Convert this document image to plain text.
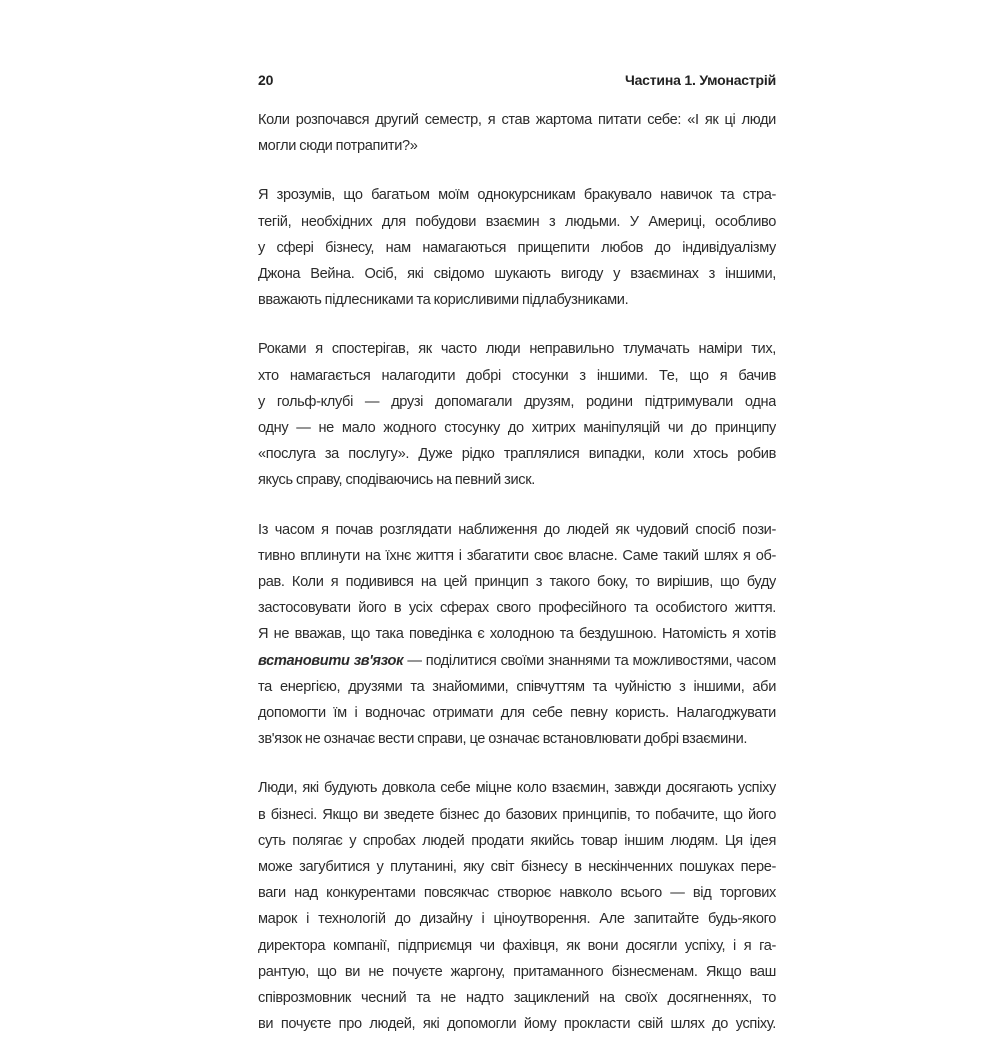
20	Частина 1. Умонастрій
Коли розпочався другий семестр, я став жартома питати себе: «І як ці люди
могли сюди потрапити?»
Я зрозумів, що багатьом моїм однокурсникам бракувало навичок та стра-
тегій, необхідних для побудови взаємин з людьми. У Америці, особливо
у сфері бізнесу, нам намагаються прищепити любов до індивідуалізму
Джона Вейна. Осіб, які свідомо шукають вигоду у взаєминах з іншими,
вважають підлесниками та корисливими підлабузниками.
Роками я спостерігав, як часто люди неправильно тлумачать наміри тих,
хто намагається налагодити добрі стосунки з іншими. Те, що я бачив
у гольф-клубі — друзі допомагали друзям, родини підтримували одна
одну — не мало жодного стосунку до хитрих маніпуляцій чи до принципу
«послуга за послугу». Дуже рідко траплялися випадки, коли хтось робив
якусь справу, сподіваючись на певний зиск.
Із часом я почав розглядати наближення до людей як чудовий спосіб пози-
тивно вплинути на їхнє життя і збагатити своє власне. Саме такий шлях я об-
рав. Коли я подивився на цей принцип з такого боку, то вирішив, що буду
застосовувати його в усіх сферах свого професійного та особистого життя.
Я не вважав, що така поведінка є холодною та бездушною. Натомість я хотів
встановити зв'язок — поділитися своїми знаннями та можливостями, часом
та енергією, друзями та знайомими, співчуттям та чуйністю з іншими, аби
допомогти їм і водночас отримати для себе певну користь. Налагоджувати
зв'язок не означає вести справи, це означає встановлювати добрі взаємини.
Люди, які будують довкола себе міцне коло взаємин, завжди досягають успіху
в бізнесі. Якщо ви зведете бізнес до базових принципів, то побачите, що його
суть полягає у спробах людей продати якийсь товар іншим людям. Ця ідея
може загубитися у плутанині, яку світ бізнесу в нескінченних пошуках пере-
ваги над конкурентами повсякчас створює навколо всього — від торгових
марок і технологій до дизайну і ціноутворення. Але запитайте будь-якого
директора компанії, підприємця чи фахівця, як вони досягли успіху, і я га-
рантую, що ви не почуєте жаргону, притаманного бізнесменам. Якщо ваш
співрозмовник чесний та не надто зациклений на своїх досягненнях, то
ви почуєте про людей, які допомогли йому прокласти свій шлях до успіху.
